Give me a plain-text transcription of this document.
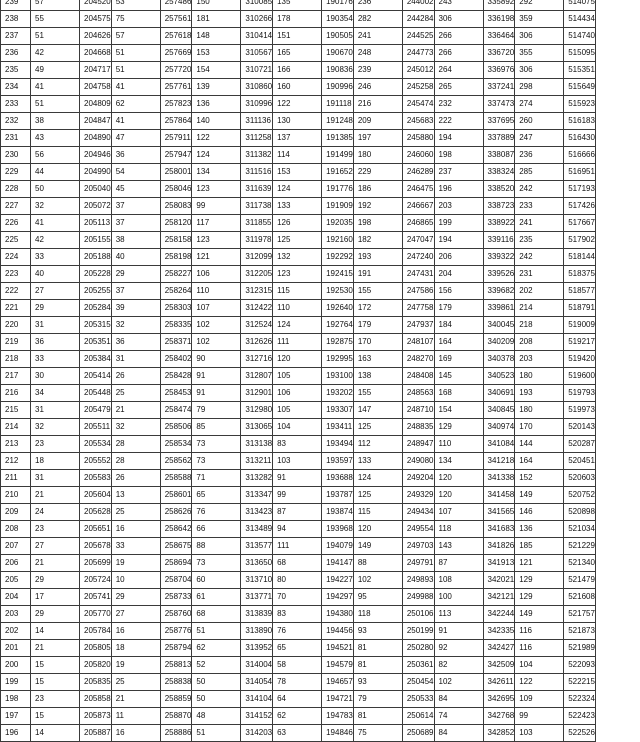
239	57	204520	53	257486	150	310085	135	190176	236	244002	243	335892	292	514075
238	55	204575	75	257561	181	310266	178	190354	282	244284	306	336198	359	514434
237	51	204626	57	257618	148	310414	151	190505	241	244525	266	336464	306	514740
236	42	204668	51	257669	153	310567	165	190670	248	244773	266	336720	355	515095
235	49	204717	51	257720	154	310721	166	190836	239	245012	264	336976	306	515351
234	41	204758	41	257761	139	310860	160	190996	246	245258	265	337241	298	515649
233	51	204809	62	257823	136	310996	122	191118	216	245474	232	337473	274	515923
232	38	204847	41	257864	140	311136	130	191248	209	245683	222	337695	260	516183
231	43	204890	47	257911	122	311258	137	191385	197	245880	194	337889	247	516430
230	56	204946	36	257947	124	311382	114	191499	180	246060	198	338087	236	516666
229	44	204990	54	258001	134	311516	153	191652	229	246289	237	338324	285	516951
228	50	205040	45	258046	123	311639	124	191776	186	246475	196	338520	242	517193
227	32	205072	37	258083	99	311738	133	191909	192	246667	203	338723	233	517426
226	41	205113	37	258120	117	311855	126	192035	198	246865	199	338922	241	517667
225	42	205155	38	258158	123	311978	125	192160	182	247047	194	339116	235	517902
224	33	205188	40	258198	121	312099	132	192292	193	247240	206	339322	242	518144
223	40	205228	29	258227	106	312205	123	192415	191	247431	204	339526	231	518375
222	27	205255	37	258264	110	312315	115	192530	155	247586	156	339682	202	518577
221	29	205284	39	258303	107	312422	110	192640	172	247758	179	339861	214	518791
220	31	205315	32	258335	102	312524	124	192764	179	247937	184	340045	218	519009
219	36	205351	36	258371	102	312626	111	192875	170	248107	164	340209	208	519217
218	33	205384	31	258402	90	312716	120	192995	163	248270	169	340378	203	519420
217	30	205414	26	258428	91	312807	105	193100	138	248408	145	340523	180	519600
216	34	205448	25	258453	91	312901	106	193202	155	248563	168	340691	193	519793
215	31	205479	21	258474	79	312980	105	193307	147	248710	154	340845	180	519973
214	32	205511	32	258506	85	313065	104	193411	125	248835	129	340974	170	520143
213	23	205534	28	258534	73	313138	83	193494	112	248947	110	341084	144	520287
212	18	205552	28	258562	73	313211	103	193597	133	249080	134	341218	164	520451
211	31	205583	26	258588	71	313282	91	193688	124	249204	120	341338	152	520603
210	21	205604	13	258601	65	313347	99	193787	125	249329	120	341458	149	520752
209	24	205628	25	258626	76	313423	87	193874	115	249434	107	341565	146	520898
208	23	205651	16	258642	66	313489	94	193968	120	249554	118	341683	136	521034
207	27	205678	33	258675	88	313577	111	194079	149	249703	143	341826	185	521229
206	21	205699	19	258694	73	313650	68	194147	88	249791	87	341913	121	521340
205	29	205724	10	258704	60	313710	80	194227	102	249893	108	342021	129	521479
204	17	205741	29	258733	61	313771	70	194297	95	249988	100	342121	129	521608
203	29	205770	27	258760	68	313839	83	194380	118	250106	113	342244	149	521757
202	14	205784	16	258776	51	313890	76	194456	93	250199	91	342335	116	521873
201	21	205805	18	258794	62	313952	65	194521	81	250280	92	342427	116	521989
200	15	205820	19	258813	52	314004	58	194579	81	250361	82	342509	104	522093
199	15	205835	25	258838	50	314054	78	194657	93	250454	102	342611	122	522215
198	23	205858	21	258859	50	314104	64	194721	79	250533	84	342695	109	522324
197	15	205873	11	258870	48	314152	62	194783	81	250614	74	342768	99	522423
196	14	205887	16	258886	51	314203	63	194846	75	250689	84	342852	103	522526
